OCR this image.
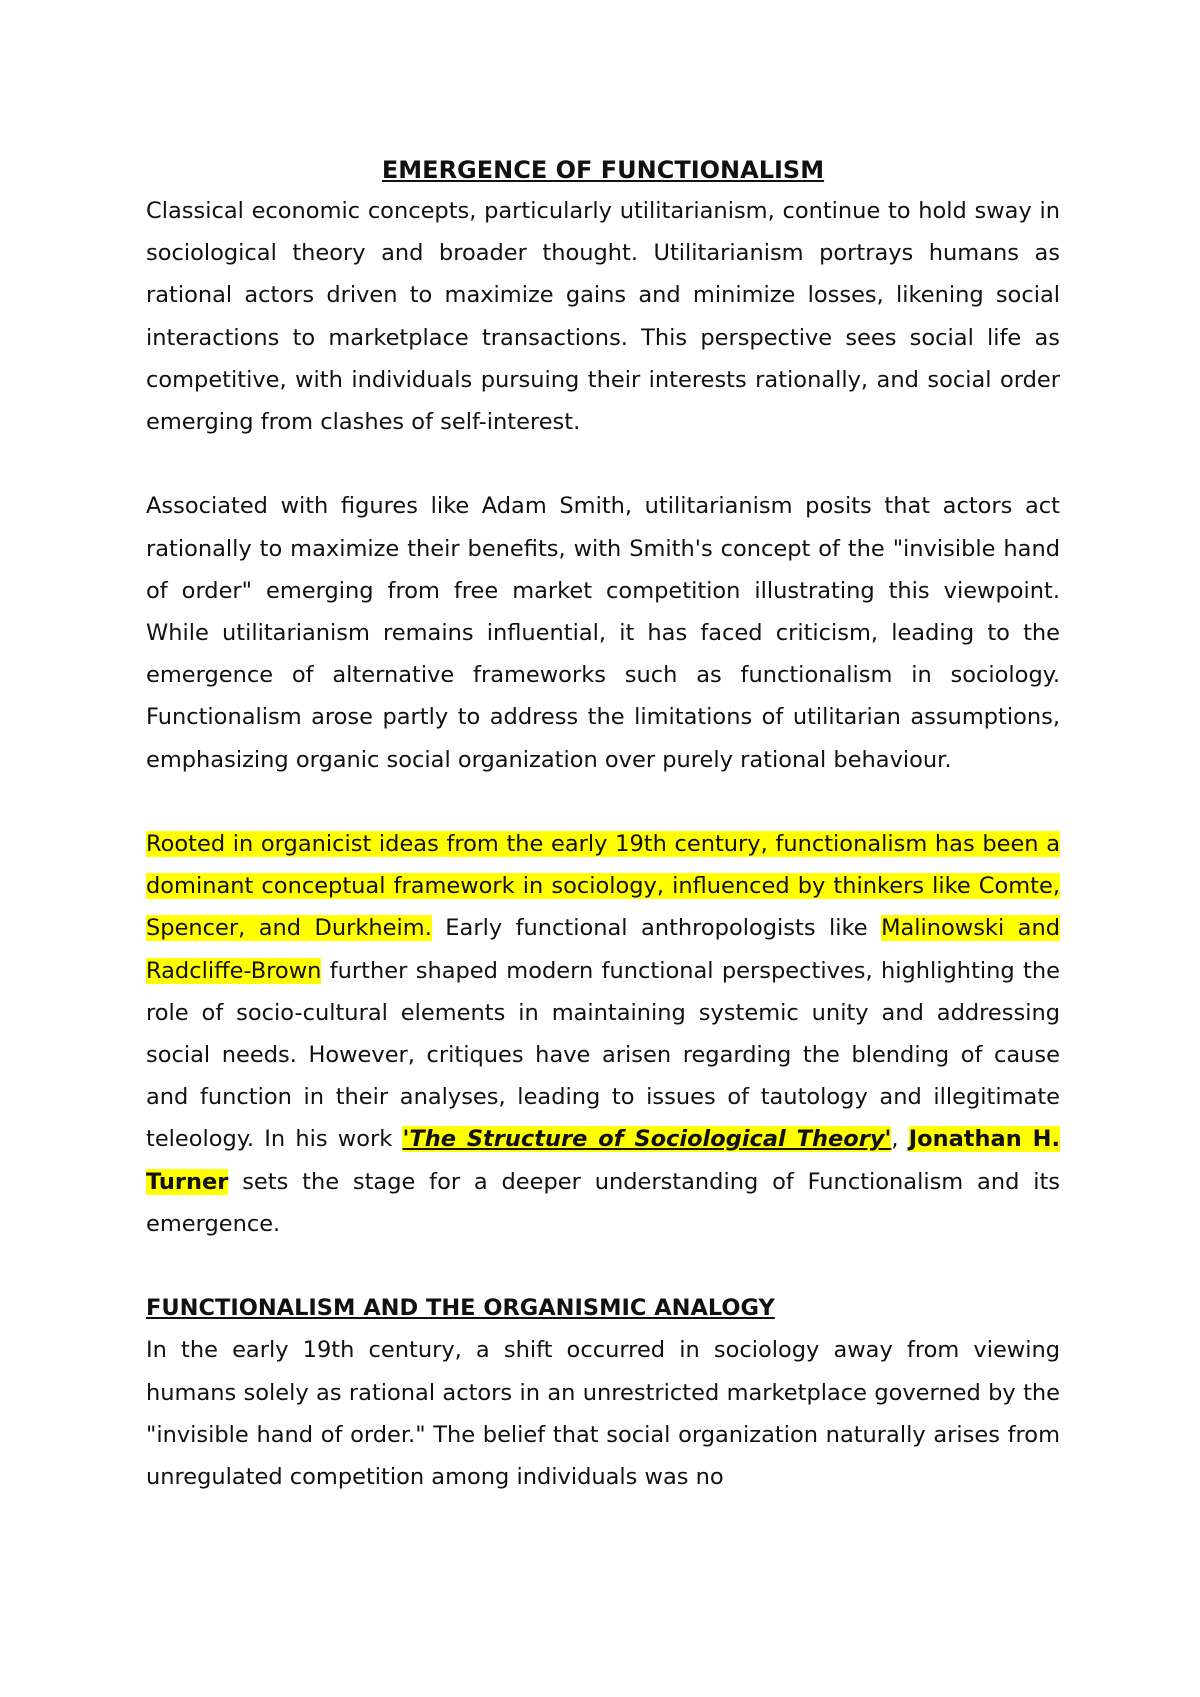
EMERGENCE OF FUNCTIONALISM

Classical economic concepts, particularly utilitarianism, continue to hold sway in sociological theory and broader thought. Utilitarianism portrays humans as rational actors driven to maximize gains and minimize losses, likening social interactions to marketplace transactions. This perspective sees social life as competitive, with individuals pursuing their interests rationally, and social order emerging from clashes of self-interest.

Associated with figures like Adam Smith, utilitarianism posits that actors act rationally to maximize their benefits, with Smith's concept of the "invisible hand of order" emerging from free market competition illustrating this viewpoint. While utilitarianism remains influential, it has faced criticism, leading to the emergence of alternative frameworks such as functionalism in sociology. Functionalism arose partly to address the limitations of utilitarian assumptions, emphasizing organic social organization over purely rational behaviour.

Rooted in organicist ideas from the early 19th century, functionalism has been a dominant conceptual framework in sociology, influenced by thinkers like Comte, Spencer, and Durkheim. Early functional anthropologists like Malinowski and Radcliffe-Brown further shaped modern functional perspectives, highlighting the role of socio-cultural elements in maintaining systemic unity and addressing social needs. However, critiques have arisen regarding the blending of cause and function in their analyses, leading to issues of tautology and illegitimate teleology. In his work 'The Structure of Sociological Theory', Jonathan H. Turner sets the stage for a deeper understanding of Functionalism and its emergence.

FUNCTIONALISM AND THE ORGANISMIC ANALOGY

In the early 19th century, a shift occurred in sociology away from viewing humans solely as rational actors in an unrestricted marketplace governed by the "invisible hand of order." The belief that social organization naturally arises from unregulated competition among individuals was no
